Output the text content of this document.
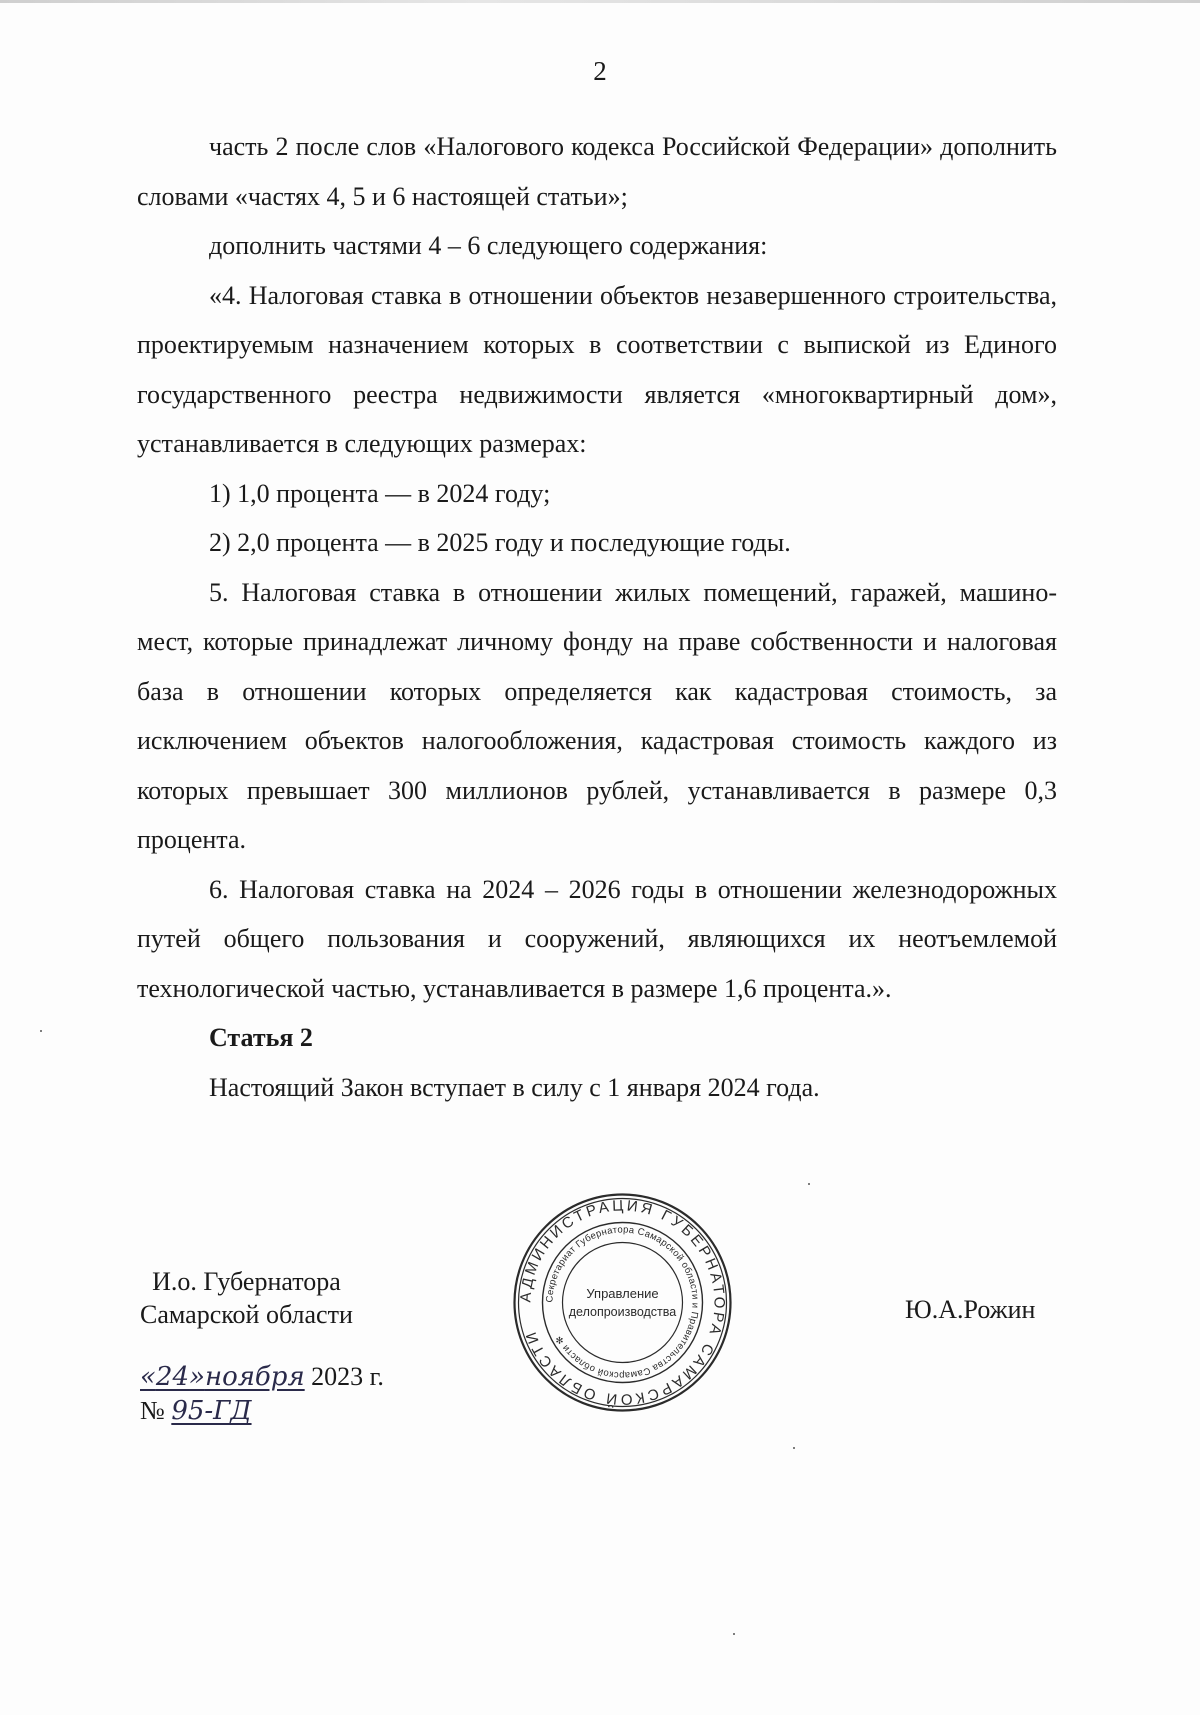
2

часть 2 после слов «Налогового кодекса Российской Федерации» дополнить словами «частях 4, 5 и 6 настоящей статьи»;

дополнить частями 4 – 6 следующего содержания:

«4. Налоговая ставка в отношении объектов незавершенного строительства, проектируемым назначением которых в соответствии с выпиской из Единого государственного реестра недвижимости является «многоквартирный дом», устанавливается в следующих размерах:

1) 1,0 процента — в 2024 году;

2) 2,0 процента — в 2025 году и последующие годы.

5. Налоговая ставка в отношении жилых помещений, гаражей, машино-мест, которые принадлежат личному фонду на праве собственности и налоговая база в отношении которых определяется как кадастровая стоимость, за исключением объектов налогообложения, кадастровая стоимость каждого из которых превышает 300 миллионов рублей, устанавливается в размере 0,3 процента.

6. Налоговая ставка на 2024 – 2026 годы в отношении железнодорожных путей общего пользования и сооружений, являющихся их неотъемлемой технологической частью, устанавливается в размере 1,6 процента.».

Статья 2

Настоящий Закон вступает в силу с 1 января 2024 года.

И.о. Губернатора
Самарской области
АДМИНИСТРАЦИЯ ГУБЕРНАТОРА САМАРСКОЙ ОБЛАСТИ
Секретариат Губернатора Самарской области и Правительства Самарской области ✻
Управление
делопроизводства	Ю.А.Рожин
«24»ноября 2023 г.
№ 95-ГД
